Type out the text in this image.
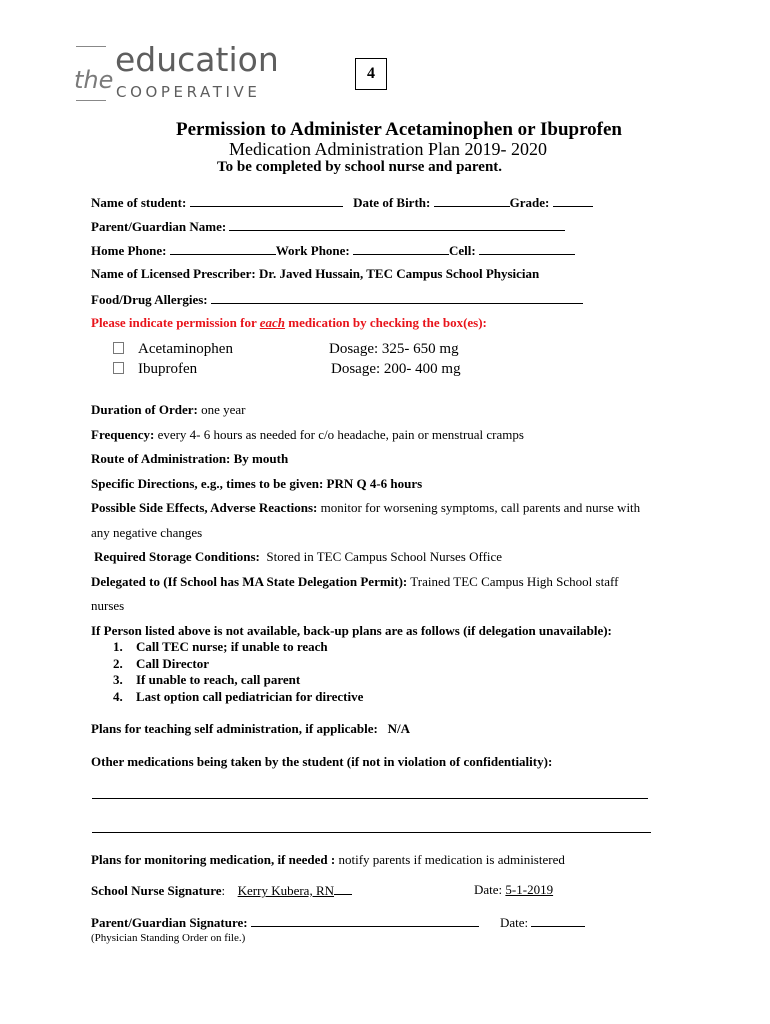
the
education
COOPERATIVE
4
Permission to Administer Acetaminophen or Ibuprofen
Medication Administration Plan 2019- 2020
To be completed by school nurse and parent.
Name of student:	Date of Birth:	Grade:
Parent/Guardian Name:
Home Phone:	Work Phone:	Cell:
Name of Licensed Prescriber: Dr. Javed Hussain, TEC Campus School Physician
Food/Drug Allergies:
Please indicate permission for each medication by checking the box(es):
Acetaminophen	Dosage: 325- 650 mg
Ibuprofen	Dosage: 200- 400 mg
Duration of Order: one year
Frequency: every 4- 6 hours as needed for c/o headache, pain or menstrual cramps
Route of Administration: By mouth
Specific Directions, e.g., times to be given: PRN Q 4-6 hours
Possible Side Effects, Adverse Reactions: monitor for worsening symptoms, call parents and nurse with
any negative changes
Required Storage Conditions:  Stored in TEC Campus School Nurses Office
Delegated to (If School has MA State Delegation Permit): Trained TEC Campus High School staff
nurses
If Person listed above is not available, back-up plans are as follows (if delegation unavailable):
1. Call TEC nurse; if unable to reach
2. Call Director
3. If unable to reach, call parent
4. Last option call pediatrician for directive
Plans for teaching self administration, if applicable:   N/A
Other medications being taken by the student (if not in violation of confidentiality):
Plans for monitoring medication, if needed : notify parents if medication is administered
School Nurse Signature: Kerry Kubera, RN	Date: 5-1-2019
Parent/Guardian Signature:	Date:
(Physician Standing Order on file.)
